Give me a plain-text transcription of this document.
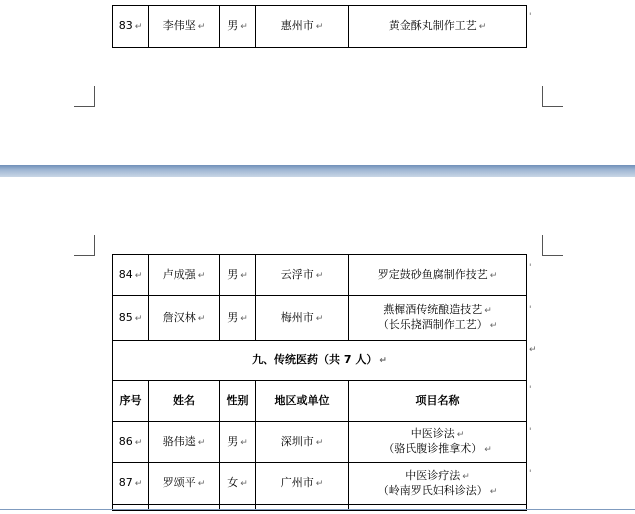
83 ↵	李伟坚 ↵	男 ↵	惠州市 ↵	黄金酥丸制作工艺 ↵
'
84 ↵	卢成强 ↵	男 ↵	云浮市 ↵	罗定鼓砂鱼腐制作技艺 ↵
85 ↵	詹汉林 ↵	男 ↵	梅州市 ↵	燕樨酒传统酿造技艺 ↵
（长乐挠酒制作工艺） ↵

九、传统医药（共 7 人） ↵				
序号	姓名	性别	地区或单位	项目名称
86 ↵	骆伟逵 ↵	男 ↵	深圳市 ↵	中医诊法 ↵
（骆氏腹诊推拿术） ↵

87 ↵	罗颂平 ↵	女 ↵	广州市 ↵	中医诊疗法 ↵
（岭南罗氏妇科诊法） ↵

'
'
↵
'
'
'
